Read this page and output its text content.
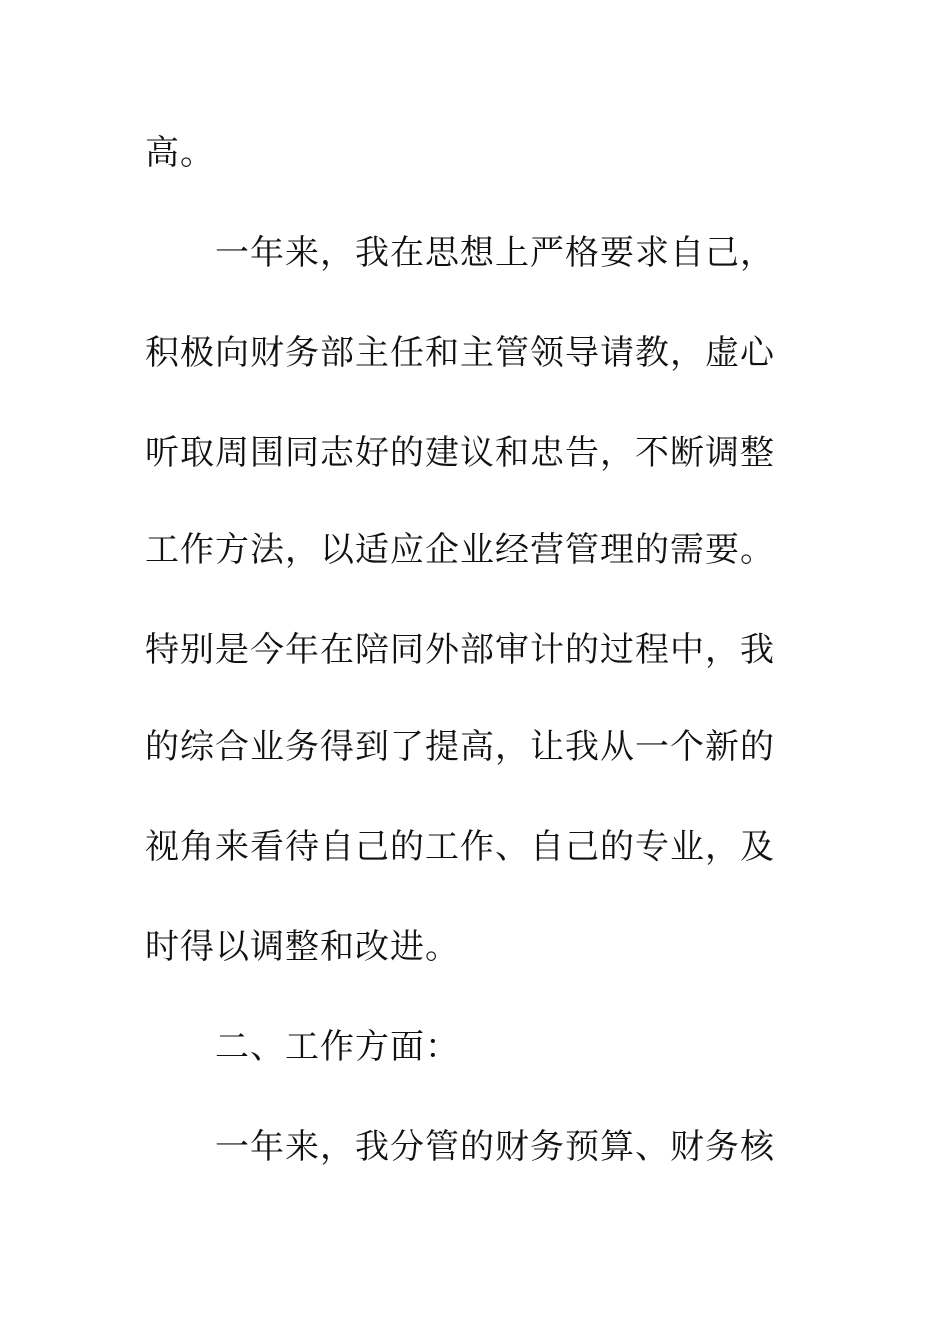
高。
一年来，我在思想上严格要求自己，
积极向财务部主任和主管领导请教，虚心
听取周围同志好的建议和忠告，不断调整
工作方法，以适应企业经营管理的需要。
特别是今年在陪同外部审计的过程中，我
的综合业务得到了提高，让我从一个新的
视角来看待自己的工作、自己的专业，及
时得以调整和改进。
二、工作方面：
一年来，我分管的财务预算、财务核
